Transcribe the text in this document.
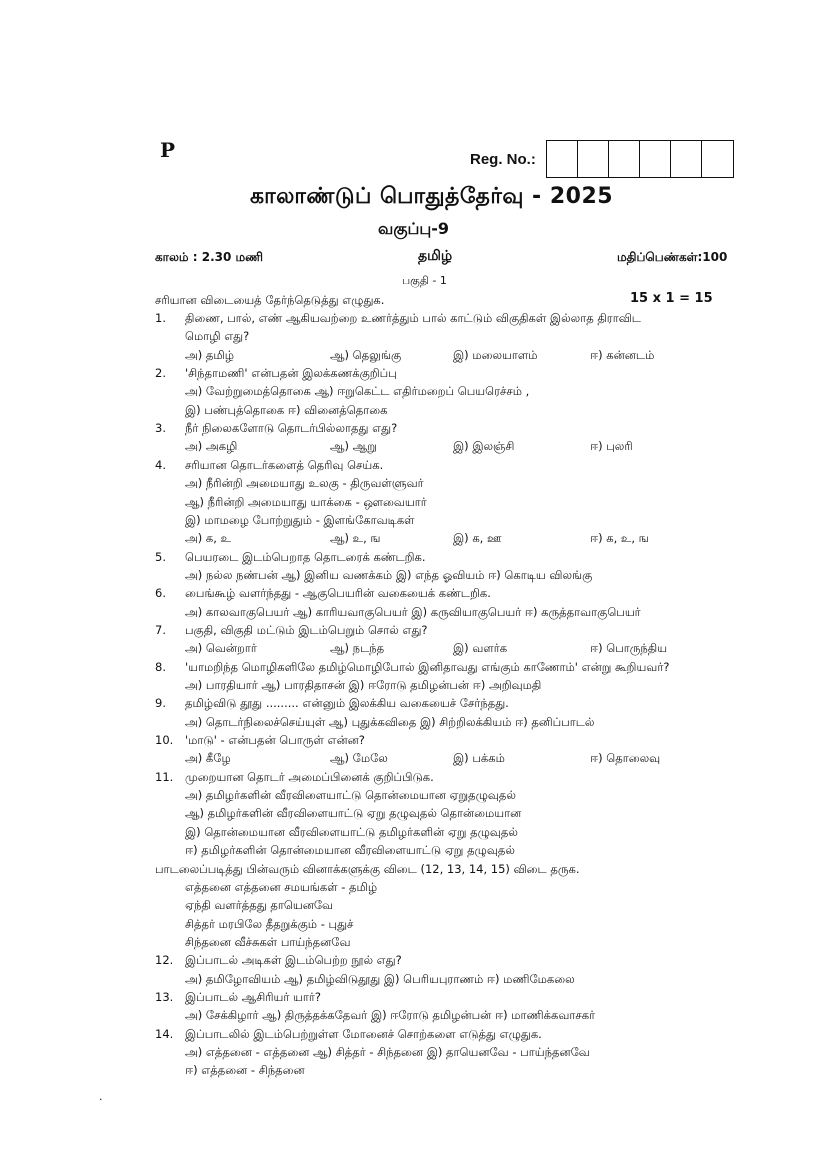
P	Reg. No.:
காலாண்டுப் பொதுத்தேர்வு - 2025
வகுப்பு-9
காலம் : 2.30 மணி	தமிழ்	மதிப்பெண்கள்:100
பகுதி - 1
சரியான விடையைத் தேர்ந்தெடுத்து எழுதுக.	15 x 1 = 15
1. திணை, பால், எண் ஆகியவற்றை உணர்த்தும் பால் காட்டும் விகுதிகள் இல்லாத திராவிட
மொழி எது?
அ) தமிழ்	ஆ) தெலுங்கு	இ) மலையாளம்	ஈ) கன்னடம்
2. 'சிந்தாமணி' என்பதன் இலக்கணக்குறிப்பு
அ) வேற்றுமைத்தொகை ஆ) ஈறுகெட்ட எதிர்மறைப் பெயரெச்சம் ,
இ) பண்புத்தொகை ஈ) வினைத்தொகை
3. நீர் நிலைகளோடு தொடர்பில்லாதது எது?
அ) அகழி	ஆ) ஆறு	இ) இலஞ்சி	ஈ) புலரி
4. சரியான தொடர்களைத் தெரிவு செய்க.
அ) நீரின்றி அமையாது உலகு - திருவள்ளுவர்
ஆ) நீரின்றி அமையாது யாக்கை - ஔவையார்
இ) மாமழை போற்றுதும் - இளங்கோவடிகள்
அ) க, உ	ஆ) உ, ங	இ) க, ஊ	ஈ) க, உ, ங
5. பெயரடை இடம்பெறாத தொடரைக் கண்டறிக.
அ) நல்ல நண்பன் ஆ) இனிய வணக்கம் இ) எந்த ஓவியம் ஈ) கொடிய விலங்கு
6. பைங்கூழ் வளர்ந்தது - ஆகுபெயரின் வகையைக் கண்டறிக.
அ) காலவாகுபெயர் ஆ) காரியவாகுபெயர் இ) கருவியாகுபெயர் ஈ) கருத்தாவாகுபெயர்
7. பகுதி, விகுதி மட்டும் இடம்பெறும் சொல் எது?
அ) வென்றார்	ஆ) நடந்த	இ) வளர்க	ஈ) பொருந்திய
8. 'யாமறிந்த மொழிகளிலே தமிழ்மொழிபோல் இனிதாவது எங்கும் காணோம்' என்று கூறியவர்?
அ) பாரதியார் ஆ) பாரதிதாசன் இ) ஈரோடு தமிழன்பன் ஈ) அறிவுமதி
9. தமிழ்விடு தூது ......... என்னும் இலக்கிய வகையைச் சேர்ந்தது.
அ) தொடர்நிலைச்செய்யுள் ஆ) புதுக்கவிதை இ) சிற்றிலக்கியம் ஈ) தனிப்பாடல்
10. 'மாடு' - என்பதன் பொருள் என்ன?
அ) கீழே	ஆ) மேலே	இ) பக்கம்	ஈ) தொலைவு
11. முறையான தொடர் அமைப்பினைக் குறிப்பிடுக.
அ) தமிழர்களின் வீரவிளையாட்டு தொன்மையான ஏறுதழுவுதல்
ஆ) தமிழர்களின் வீரவிளையாட்டு ஏறு தழுவுதல் தொன்மையான
இ) தொன்மையான வீரவிளையாட்டு தமிழர்களின் ஏறு தழுவுதல்
ஈ) தமிழர்களின் தொன்மையான வீரவிளையாட்டு ஏறு தழுவுதல்
பாடலைப்படித்து பின்வரும் வினாக்களுக்கு விடை (12, 13, 14, 15) விடை தருக.
எத்தனை எத்தனை சமயங்கள் - தமிழ்
ஏந்தி வளர்த்தது தாயெனவே
சித்தர் மரபிலே தீதறுக்கும் - புதுச்
சிந்தனை வீச்சுகள் பாய்ந்தனவே
12. இப்பாடல் அடிகள் இடம்பெற்ற நூல் எது?
அ) தமிழோவியம் ஆ) தமிழ்விடுதூது இ) பெரியபுராணம் ஈ) மணிமேகலை
13. இப்பாடல் ஆசிரியர் யார்?
அ) சேக்கிழார் ஆ) திருத்தக்கதேவர் இ) ஈரோடு தமிழன்பன் ஈ) மாணிக்கவாசகர்
14. இப்பாடலில் இடம்பெற்றுள்ள மோனைச் சொற்களை எடுத்து எழுதுக.
அ) எத்தனை - எத்தனை ஆ) சித்தர் - சிந்தனை இ) தாயெனவே - பாய்ந்தனவே
ஈ) எத்தனை - சிந்தனை
.
